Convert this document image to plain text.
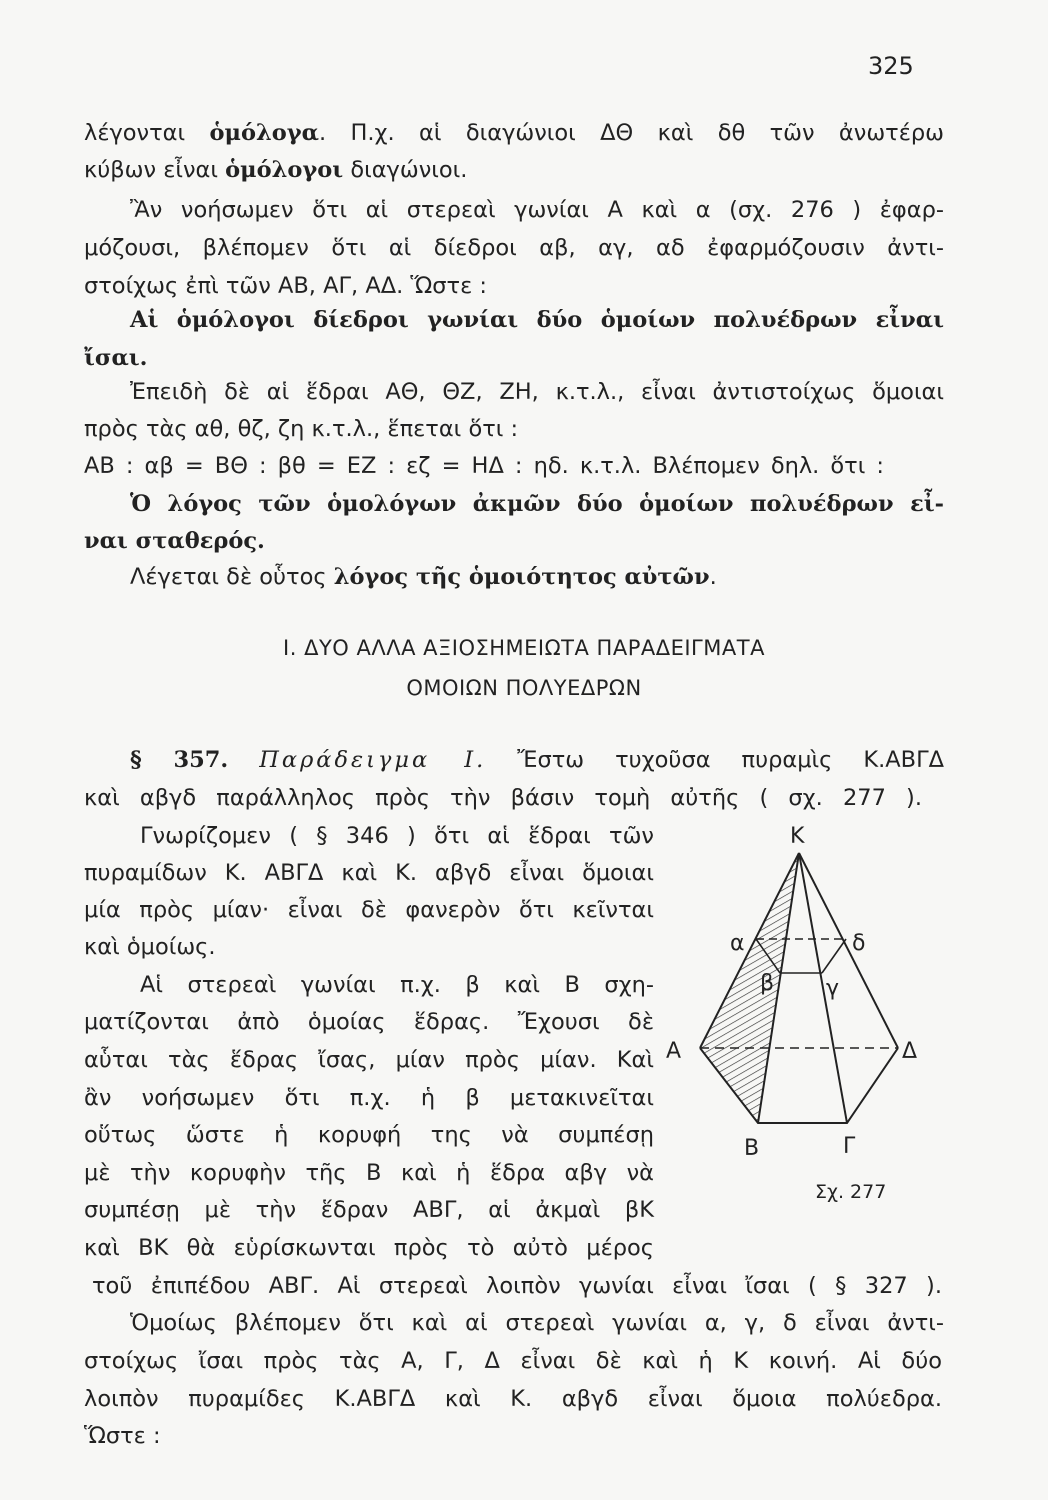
325
λέγονται ὁμόλογα. Π.χ. αἱ διαγώνιοι ΔΘ καὶ δθ τῶν ἀνωτέρω
κύβων εἶναι ὁμόλογοι διαγώνιοι.
Ἂν νοήσωμεν ὅτι αἱ στερεαὶ γωνίαι Α καὶ α (σχ. 276 ) ἐφαρ-
μόζουσι, βλέπομεν ὅτι αἱ δίεδροι αβ, αγ, αδ ἐφαρμόζουσιν ἀντι-
στοίχως ἐπὶ τῶν ΑΒ, ΑΓ, ΑΔ. Ὥστε :
Αἱ ὁμόλογοι δίεδροι γωνίαι δύο ὁμοίων πολυέδρων εἶναι
ἴσαι.
Ἐπειδὴ δὲ αἱ ἕδραι ΑΘ, ΘΖ, ΖΗ, κ.τ.λ., εἶναι ἀντιστοίχως ὅμοιαι
πρὸς τὰς αθ, θζ, ζη κ.τ.λ., ἕπεται ὅτι :
ΑΒ : αβ = ΒΘ : βθ = ΕΖ : εζ = ΗΔ : ηδ. κ.τ.λ. Βλέπομεν δηλ. ὅτι :
Ὁ λόγος τῶν ὁμολόγων ἀκμῶν δύο ὁμοίων πολυέδρων εἶ-
ναι σταθερός.
Λέγεται δὲ οὗτος λόγος τῆς ὁμοιότητος αὐτῶν.
I. ΔΥΟ ΑΛΛΑ ΑΞΙΟΣΗΜΕΙΩΤΑ ΠΑΡΑΔΕΙΓΜΑΤΑ
ΟΜΟΙΩΝ ΠΟΛΥΕΔΡΩΝ
§ 357. Παράδειγμα Ι. Ἔστω τυχοῦσα πυραμὶς Κ.ΑΒΓΔ
καὶ αβγδ παράλληλος πρὸς τὴν βάσιν τομὴ αὐτῆς ( σχ. 277 ).
Γνωρίζομεν ( § 346 ) ὅτι αἱ ἕδραι τῶν
πυραμίδων Κ. ΑΒΓΔ καὶ Κ. αβγδ εἶναι ὅμοιαι
μία πρὸς μίαν· εἶναι δὲ φανερὸν ὅτι κεῖνται
καὶ ὁμοίως.
Αἱ στερεαὶ γωνίαι π.χ. β καὶ Β σχη-
ματίζονται ἀπὸ ὁμοίας ἕδρας. Ἔχουσι δὲ
αὗται τὰς ἕδρας ἴσας, μίαν πρὸς μίαν. Καὶ
ἂν νοήσωμεν ὅτι π.χ. ἡ β μετακινεῖται
οὕτως ὥστε ἡ κορυφή της νὰ συμπέσῃ
μὲ τὴν κορυφὴν τῆς Β καὶ ἡ ἕδρα αβγ νὰ
συμπέσῃ μὲ τὴν ἕδραν ΑΒΓ, αἱ ἀκμαὶ βΚ
καὶ ΒΚ θὰ εὑρίσκωνται πρὸς τὸ αὐτὸ μέρος
τοῦ ἐπιπέδου ΑΒΓ. Αἱ στερεαὶ λοιπὸν γωνίαι εἶναι ἴσαι ( § 327 ).
Ὁμοίως βλέπομεν ὅτι καὶ αἱ στερεαὶ γωνίαι α, γ, δ εἶναι ἀντι-
στοίχως ἴσαι πρὸς τὰς Α, Γ, Δ εἶναι δὲ καὶ ἡ Κ κοινή. Αἱ δύο
λοιπὸν πυραμίδες Κ.ΑΒΓΔ καὶ Κ. αβγδ εἶναι ὅμοια πολύεδρα.
Ὥστε :
Κ
Α
Β	Γ
Δ
α
β γ
δ
Σχ. 277
